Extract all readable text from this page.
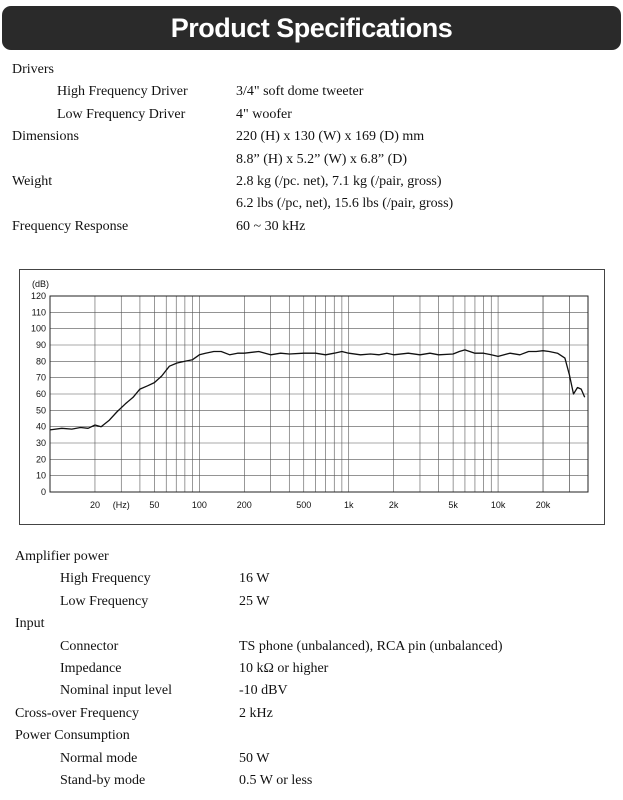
Product Specifications
Drivers
High Frequency Driver	3/4" soft dome tweeter
Low Frequency Driver	4" woofer
Dimensions	220 (H) x 130 (W) x 169 (D) mm
8.8” (H) x 5.2” (W) x 6.8” (D)
Weight	2.8 kg (/pc. net), 7.1 kg (/pair, gross)
6.2 lbs (/pc, net), 15.6 lbs (/pair, gross)
Frequency Response	60 ~ 30 kHz
0
10
20
30
40
50
60
70
80
90
100
110
120
(dB)
20	50	100	200	500	1k	2k	5k	10k	20k
(Hz)
Amplifier power
High Frequency	16 W
Low Frequency	25 W
Input
Connector	TS phone (unbalanced), RCA pin (unbalanced)
Impedance	10 kΩ or higher
Nominal input level	-10 dBV
Cross-over Frequency	2 kHz
Power Consumption
Normal mode	50 W
Stand-by mode	0.5 W or less
